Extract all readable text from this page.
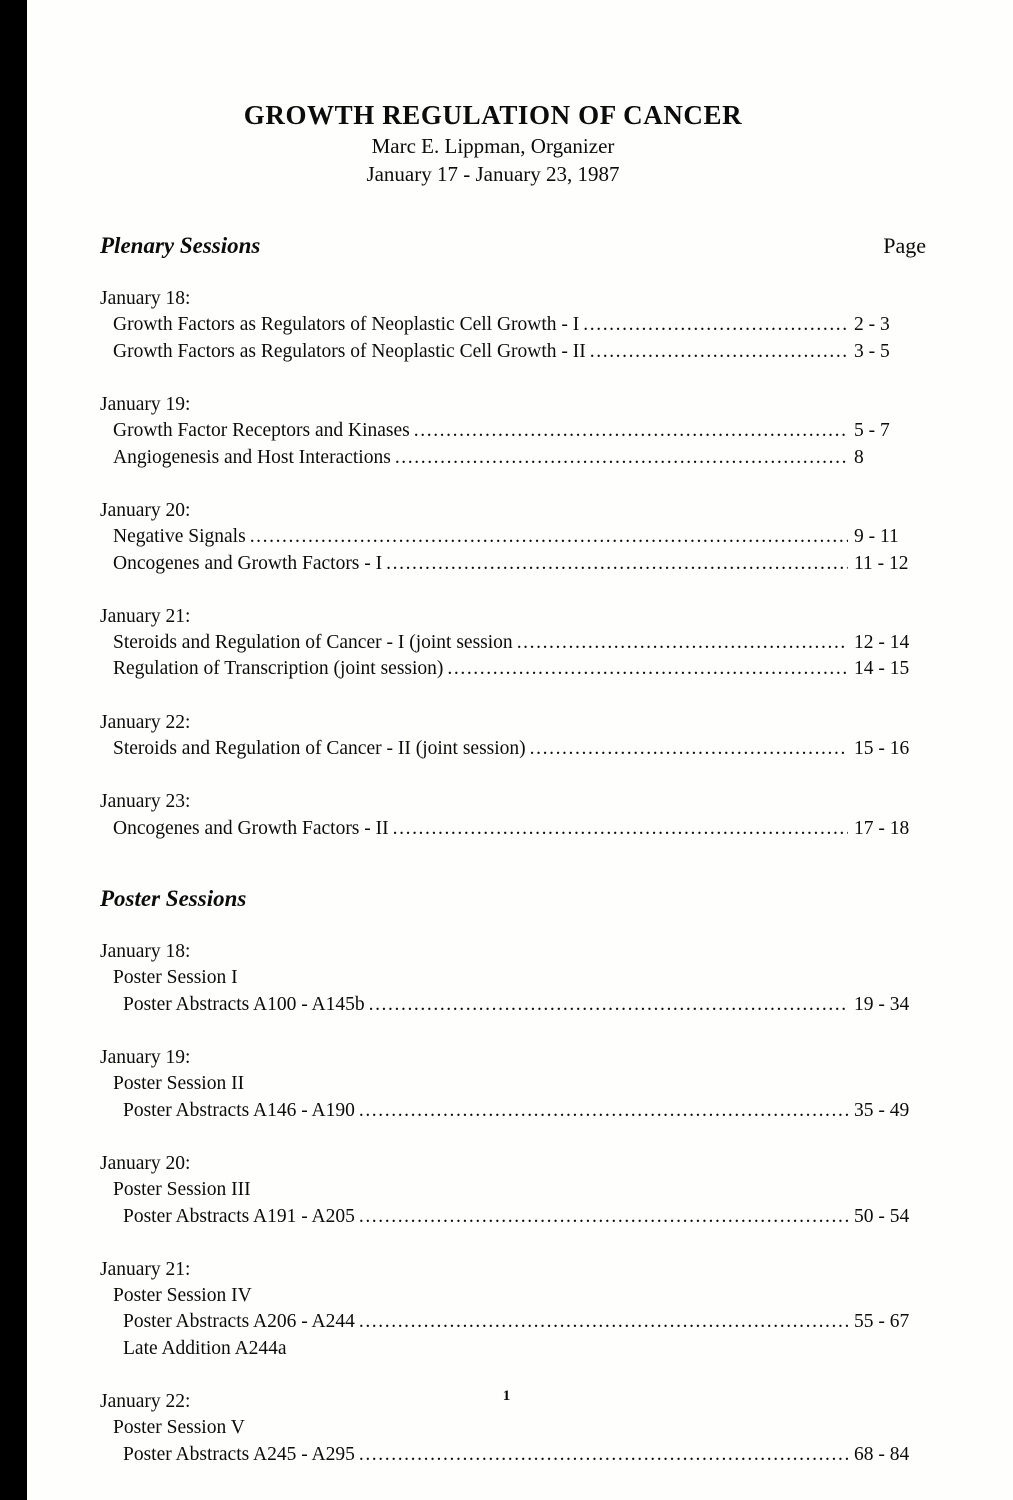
GROWTH REGULATION OF CANCER
Marc E. Lippman, Organizer
January 17 - January 23, 1987
Plenary Sessions	Page
January 18:
Growth Factors as Regulators of Neoplastic Cell Growth - I .....	2 - 3
Growth Factors as Regulators of Neoplastic Cell Growth - II .....	3 - 5
January 19:
Growth Factor Receptors and Kinases .....	5 - 7
Angiogenesis and Host Interactions .....	8
January 20:
Negative Signals .....	9 - 11
Oncogenes and Growth Factors - I .....	11 - 12
January 21:
Steroids and Regulation of Cancer - I (joint session .....	12 - 14
Regulation of Transcription (joint session) .....	14 - 15
January 22:
Steroids and Regulation of Cancer - II (joint session) .....	15 - 16
January 23:
Oncogenes and Growth Factors - II .....	17 - 18
Poster Sessions
January 18:
Poster Session I
Poster Abstracts A100 - A145b .....	19 - 34
January 19:
Poster Session II
Poster Abstracts A146 - A190 .....	35 - 49
January 20:
Poster Session III
Poster Abstracts A191 - A205 .....	50 - 54
January 21:
Poster Session IV
Poster Abstracts A206 - A244 .....	55 - 67
Late Addition A244a
January 22:
Poster Session V
Poster Abstracts A245 - A295 .....	68 - 84
1
